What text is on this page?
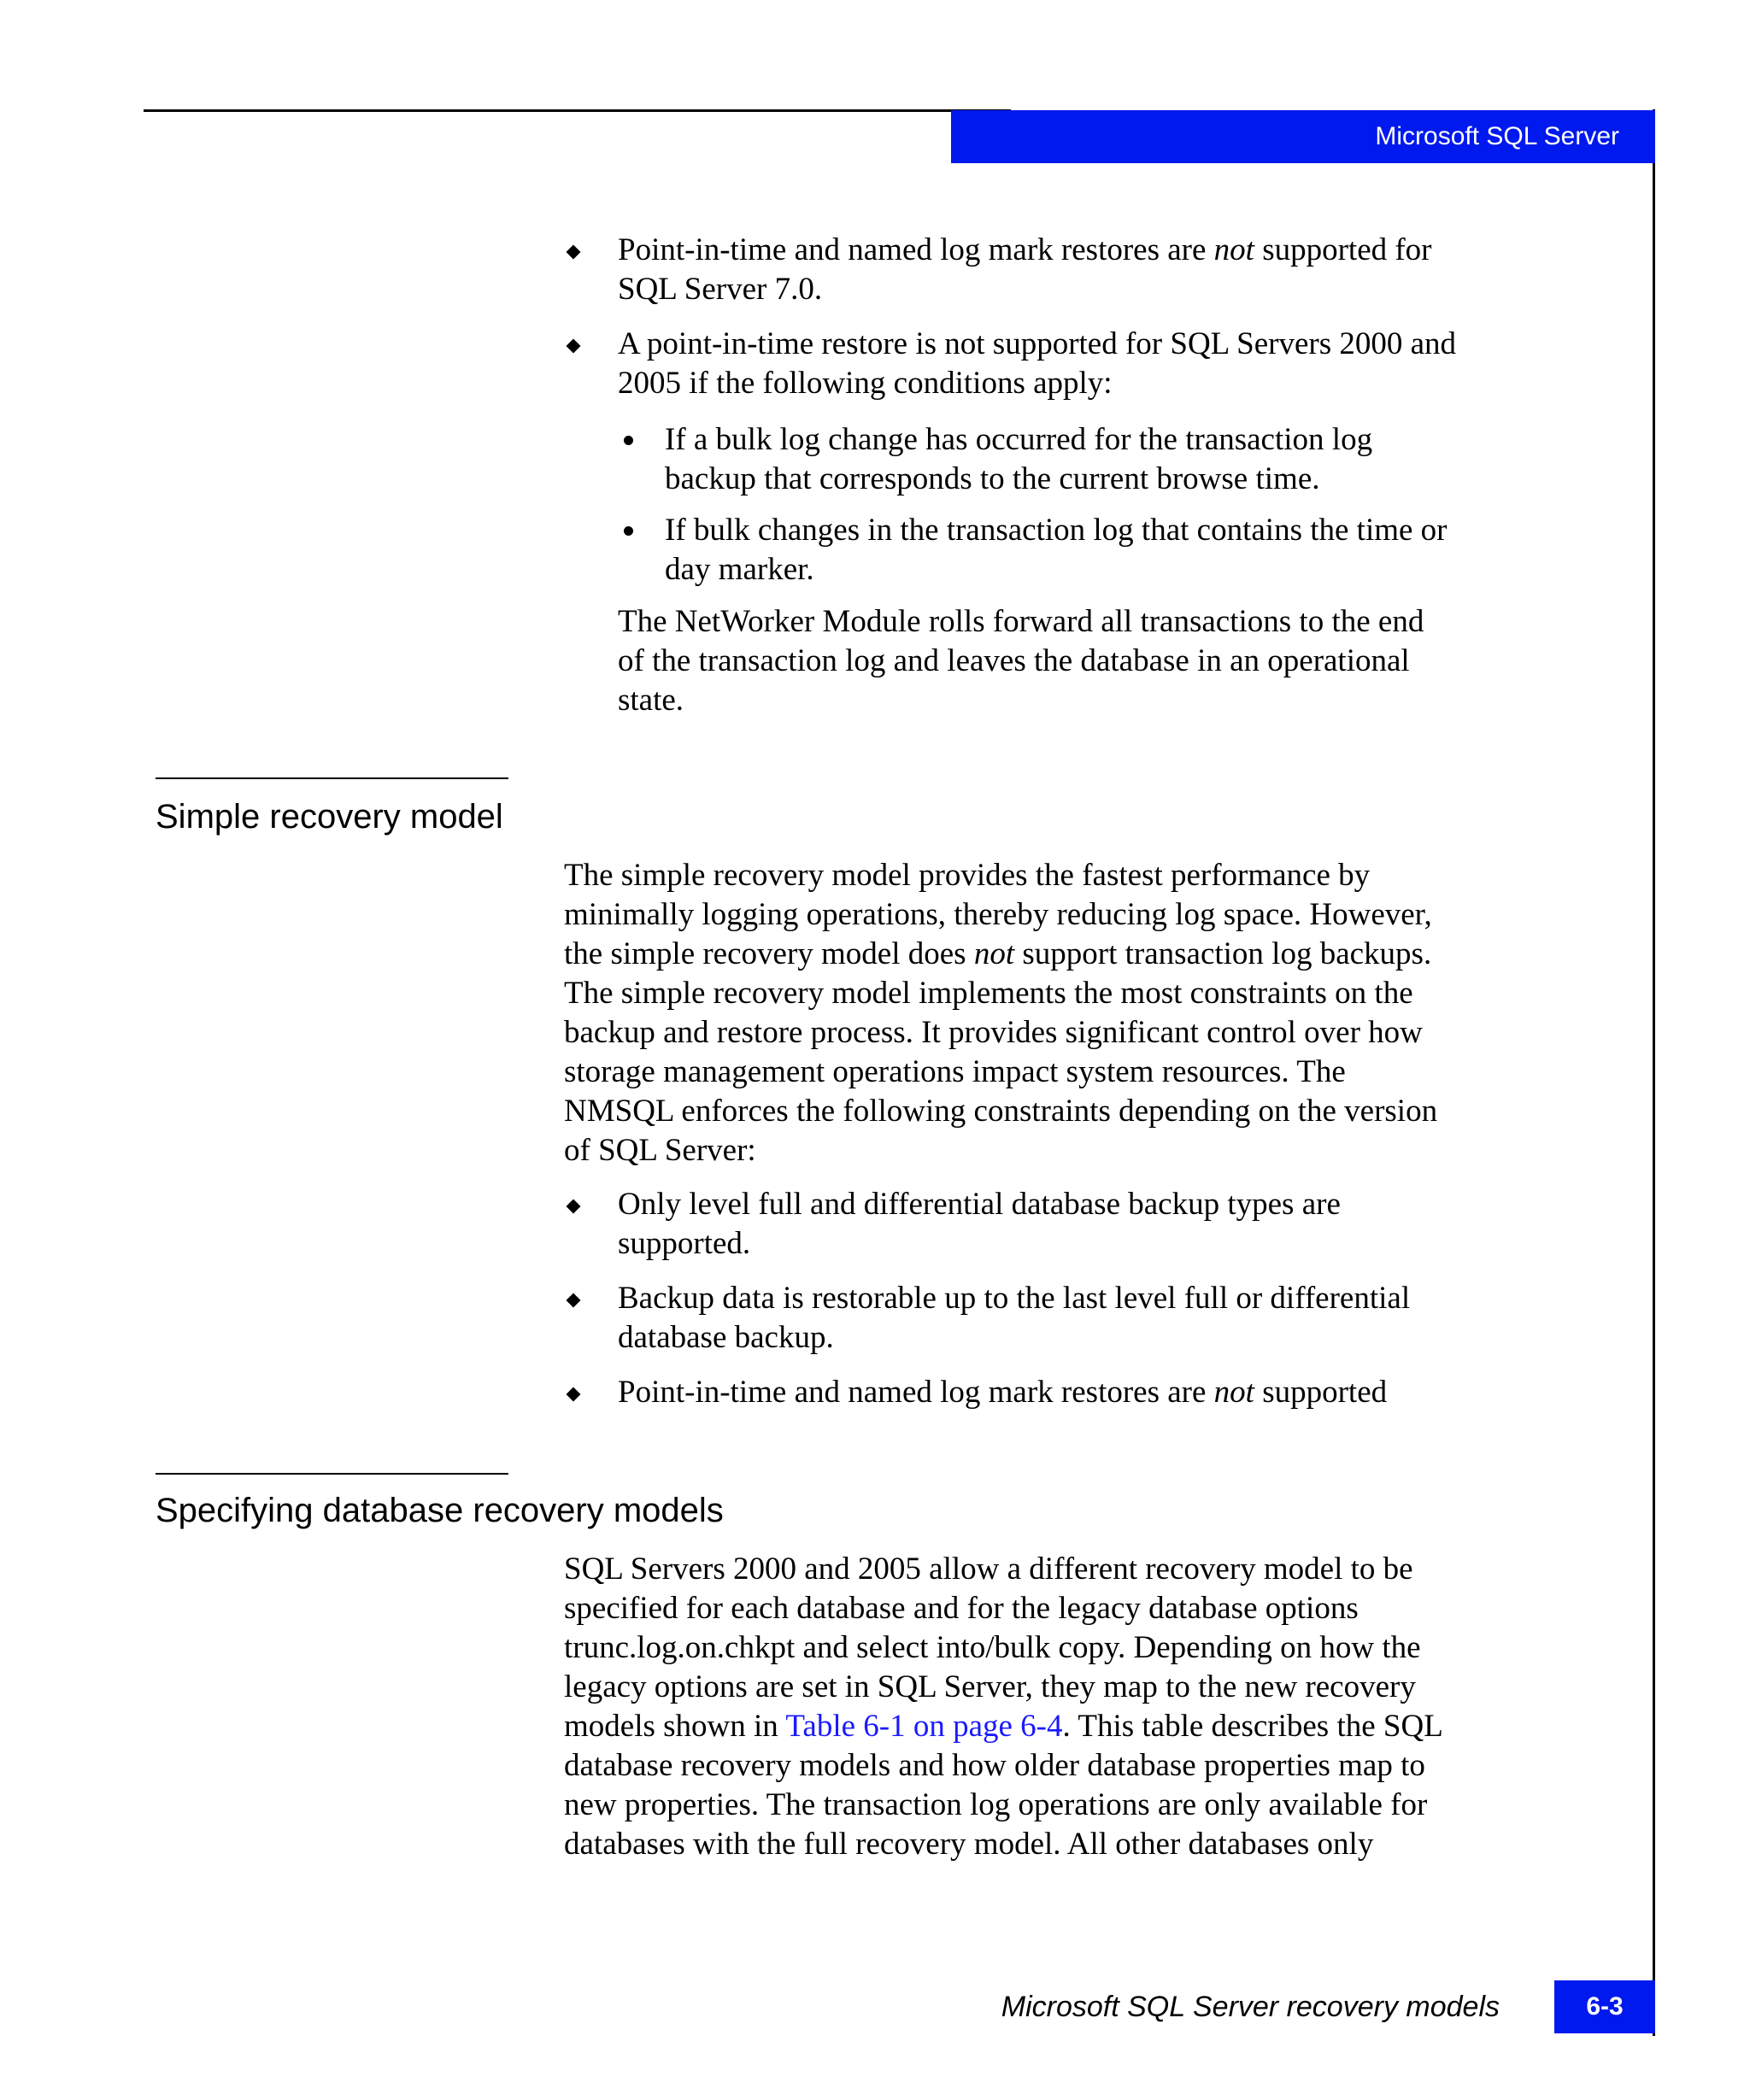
Microsoft SQL Server
Point-in-time and named log mark restores are not supported for
SQL Server 7.0.
A point-in-time restore is not supported for SQL Servers 2000 and
2005 if the following conditions apply:
If a bulk log change has occurred for the transaction log
backup that corresponds to the current browse time.
If bulk changes in the transaction log that contains the time or
day marker.
The NetWorker Module rolls forward all transactions to the end
of the transaction log and leaves the database in an operational
state.
Simple recovery model
The simple recovery model provides the fastest performance by
minimally logging operations, thereby reducing log space. However,
the simple recovery model does not support transaction log backups.
The simple recovery model implements the most constraints on the
backup and restore process. It provides significant control over how
storage management operations impact system resources. The
NMSQL enforces the following constraints depending on the version
of SQL Server:
Only level full and differential database backup types are
supported.
Backup data is restorable up to the last level full or differential
database backup.
Point-in-time and named log mark restores are not supported
Specifying database recovery models
SQL Servers 2000 and 2005 allow a different recovery model to be
specified for each database and for the legacy database options
trunc.log.on.chkpt and select into/bulk copy. Depending on how the
legacy options are set in SQL Server, they map to the new recovery
models shown in Table 6-1 on page 6-4. This table describes the SQL
database recovery models and how older database properties map to
new properties. The transaction log operations are only available for
databases with the full recovery model. All other databases only
Microsoft SQL Server recovery models	6-3
